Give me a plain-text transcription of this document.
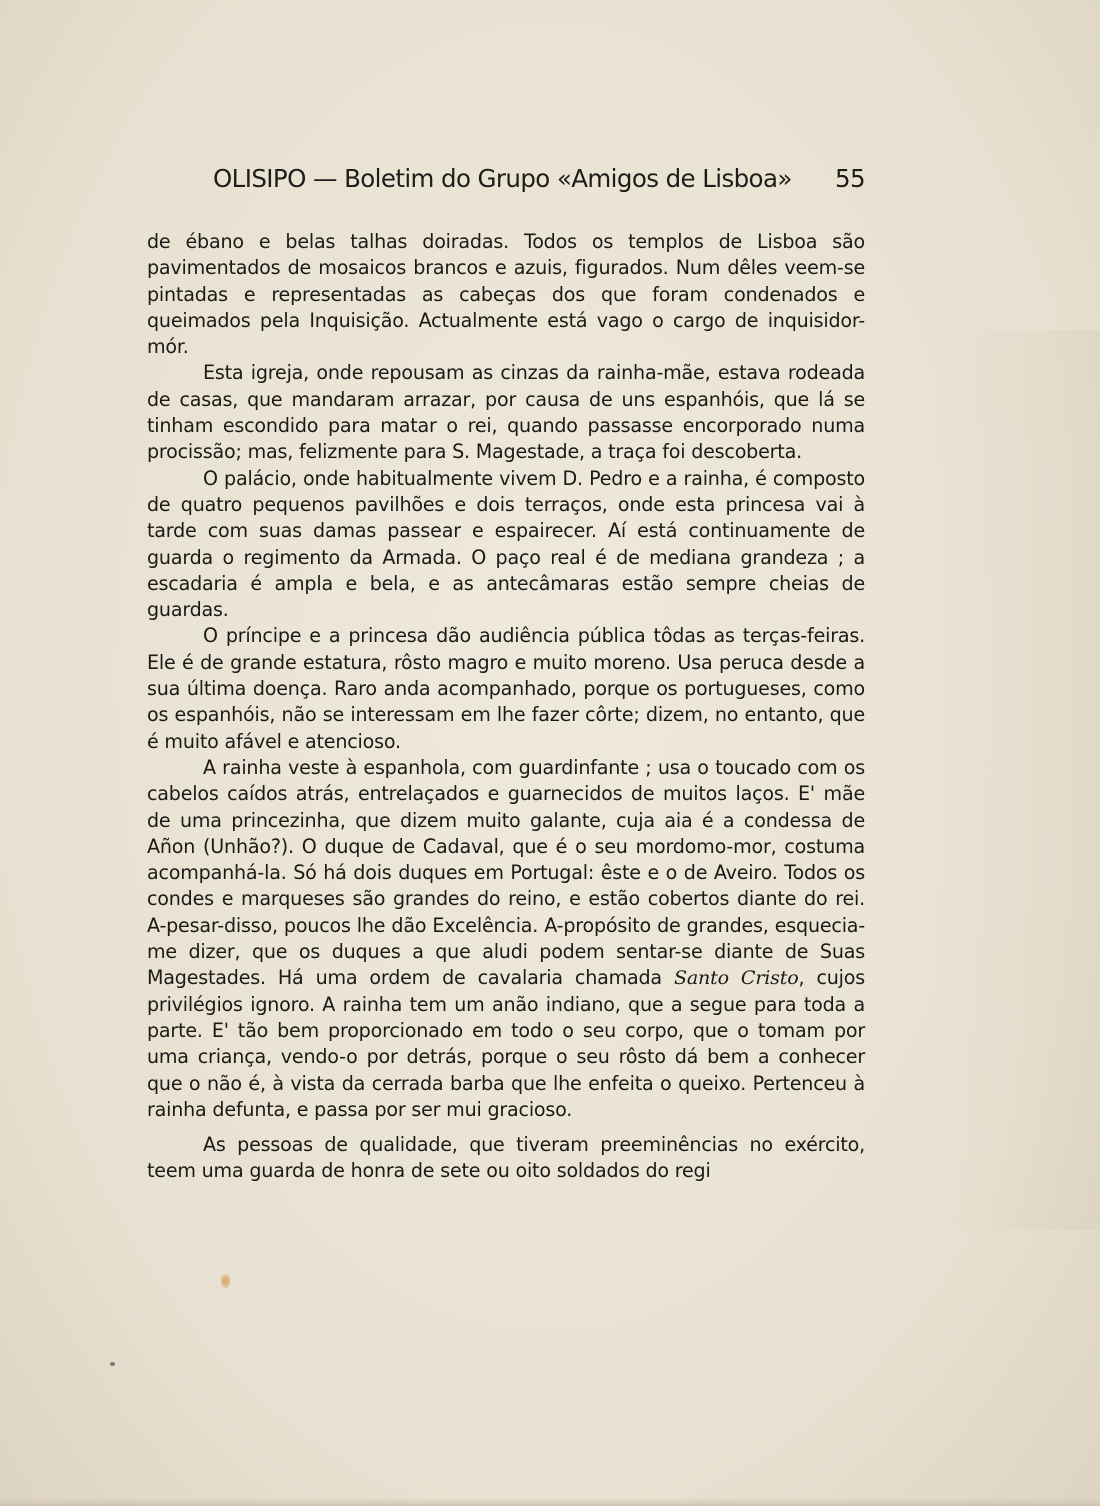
OLISIPO — Boletim do Grupo «Amigos de Lisboa» 55

de ébano e belas talhas doiradas. Todos os templos de Lisboa são pavimentados de mosaicos brancos e azuis, figurados. Num dêles veem-se pintadas e representadas as cabeças dos que foram condenados e queimados pela Inquisição. Actualmente está vago o cargo de inquisidor-mór.

Esta igreja, onde repousam as cinzas da rainha-mãe, estava rodeada de casas, que mandaram arrazar, por causa de uns espanhóis, que lá se tinham escondido para matar o rei, quando passasse encorporado numa procissão; mas, felizmente para S. Magestade, a traça foi descoberta.

O palácio, onde habitualmente vivem D. Pedro e a rainha, é composto de quatro pequenos pavilhões e dois terraços, onde esta princesa vai à tarde com suas damas passear e espairecer. Aí está continuamente de guarda o regimento da Armada. O paço real é de mediana grandeza ; a escadaria é ampla e bela, e as antecâmaras estão sempre cheias de guardas.

O príncipe e a princesa dão audiência pública tôdas as terças-feiras. Ele é de grande estatura, rôsto magro e muito moreno. Usa peruca desde a sua última doença. Raro anda acompanhado, porque os portugueses, como os espanhóis, não se interessam em lhe fazer côrte; dizem, no entanto, que é muito afável e atencioso.

A rainha veste à espanhola, com guardinfante ; usa o toucado com os cabelos caídos atrás, entrelaçados e guarnecidos de muitos laços. E' mãe de uma princezinha, que dizem muito galante, cuja aia é a condessa de Añon (Unhão?). O duque de Cadaval, que é o seu mordomo-mor, costuma acompanhá-la. Só há dois duques em Portugal: êste e o de Aveiro. Todos os condes e marqueses são grandes do reino, e estão cobertos diante do rei. A-pesar-disso, poucos lhe dão Excelência. A-propósito de grandes, esquecia-me dizer, que os duques a que aludi podem sentar-se diante de Suas Magestades. Há uma ordem de cavalaria chamada Santo Cristo, cujos privilégios ignoro. A rainha tem um anão indiano, que a segue para toda a parte. E' tão bem proporcionado em todo o seu corpo, que o tomam por uma criança, vendo-o por detrás, porque o seu rôsto dá bem a conhecer que o não é, à vista da cerrada barba que lhe enfeita o queixo. Pertenceu à rainha defunta, e passa por ser mui gracioso.

As pessoas de qualidade, que tiveram preeminências no exército, teem uma guarda de honra de sete ou oito soldados do regi
